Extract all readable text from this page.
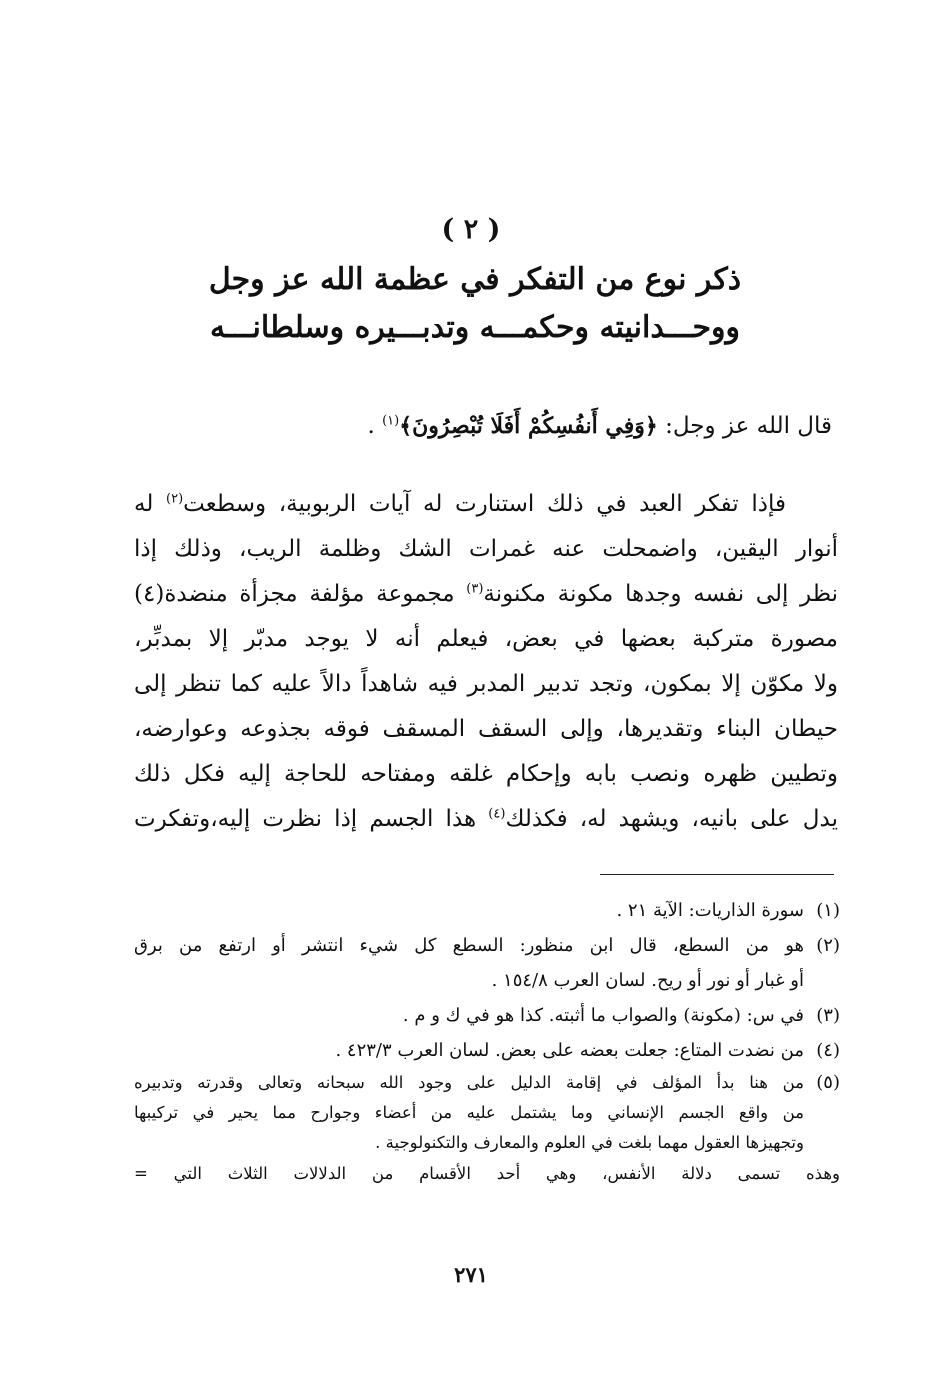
( ٢ )
ذكر نوع من التفكر في عظمة الله عز وجل
ووحـــدانيته وحكمـــه وتدبـــيره وسلطانـــه
قال الله عز وجل: ﴿وَفِي أَنفُسِكُمْ أَفَلَا تُبْصِرُونَ﴾$^{(١)}$ .
فإذا تفكر العبد في ذلك استنارت له آيات الربوبية، وسطعت$^{(٢)}$ له
أنوار اليقين، واضمحلت عنه غمرات الشك وظلمة الريب، وذلك إذا
نظر إلى نفسه وجدها مكونة مكنونة$^{(٣)}$ مجموعة مؤلفة مجزأة منضدة(٤)
مصورة متركبة بعضها في بعض، فيعلم أنه لا يوجد مدبّر إلا بمدبِّر،
ولا مكوّن إلا بمكون، وتجد تدبير المدبر فيه شاهداً دالاً عليه كما تنظر إلى
حيطان البناء وتقديرها، وإلى السقف المسقف فوقه بجذوعه وعوارضه،
وتطيين ظهره ونصب بابه وإحكام غلقه ومفتاحه للحاجة إليه فكل ذلك
يدل على بانيه، ويشهد له، فكذلك$^{(٤)}$ هذا الجسم إذا نظرت إليه،وتفكرت
(١)
سورة الذاريات: الآية ٢١ .
(٢)
هو من السطع، قال ابن منظور: السطع كل شيء انتشر أو ارتفع من برق
أو غبار أو نور أو ريح. لسان العرب ١٥٤/٨ .
(٣)
في س: (مكونة) والصواب ما أثبته. كذا هو في ك و م .
(٤)
من نضدت المتاع: جعلت بعضه على بعض. لسان العرب ٤٢٣/٣ .
(٥)
من هنا بدأ المؤلف في إقامة الدليل على وجود الله سبحانه وتعالى وقدرته وتدبيره
من واقع الجسم الإنساني وما يشتمل عليه من أعضاء وجوارح مما يحير في تركيبها
وتجهيزها العقول مهما بلغت في العلوم والمعارف والتكنولوجية .
وهذه تسمى دلالة الأنفس، وهي أحد الأقسام من الدلالات الثلاث التي =
٢٧١
